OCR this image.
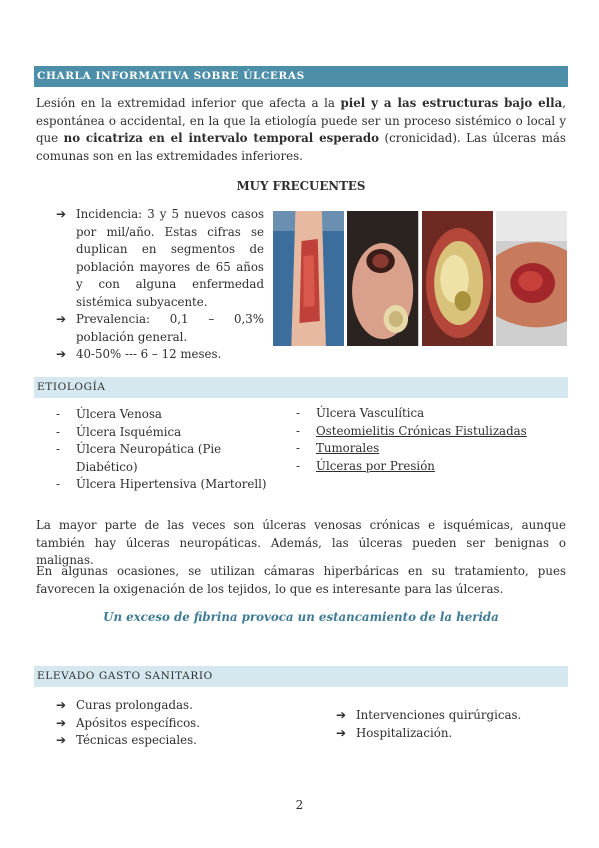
CHARLA INFORMATIVA SOBRE ÚLCERAS

Lesión en la extremidad inferior que afecta a la piel y a las estructuras bajo ella, espontánea o accidental, en la que la etiología puede ser un proceso sistémico o local y que no cicatriza en el intervalo temporal esperado (cronicidad). Las úlceras más comunas son en las extremidades inferiores.

MUY FRECUENTES

➔ Incidencia: 3 y 5 nuevos casos por mil/año. Estas cifras se duplican en segmentos de población mayores de 65 años y con alguna enfermedad sistémica subyacente.
➔ Prevalencia: 0,1 – 0,3% población general.
➔ 40-50% --- 6 – 12 meses.
ETIOLOGÍA
- Úlcera Venosa
- Úlcera Isquémica
- Úlcera Neuropática (Pie Diabético)
- Úlcera Hipertensiva (Martorell)
- Úlcera Vasculítica
- Osteomielitis Crónicas Fistulizadas
- Tumorales
- Úlceras por Presión

La mayor parte de las veces son úlceras venosas crónicas e isquémicas, aunque también hay úlceras neuropáticas. Además, las úlceras pueden ser benignas o malignas.

En algunas ocasiones, se utilizan cámaras hiperbáricas en su tratamiento, pues favorecen la oxigenación de los tejidos, lo que es interesante para las úlceras.

Un exceso de fibrina provoca un estancamiento de la herida

ELEVADO GASTO SANITARIO
➔ Curas prolongadas.
➔ Apósitos específicos.
➔ Técnicas especiales.
➔ Intervenciones quirúrgicas.
➔ Hospitalización.
2
